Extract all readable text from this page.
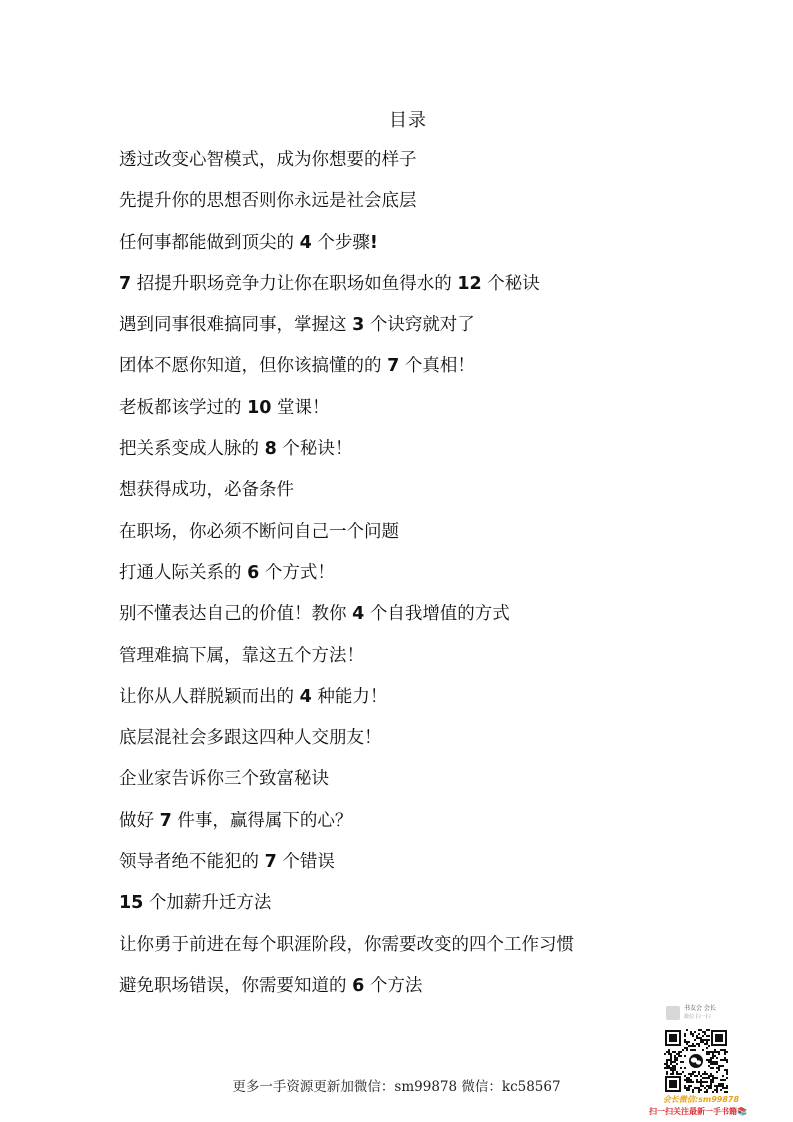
目录
透过改变心智模式，成为你想要的样子
先提升你的思想否则你永远是社会底层
任何事都能做到顶尖的 4 个步骤!
7 招提升职场竞争力让你在职场如鱼得水的 12 个秘诀
遇到同事很难搞同事，掌握这 3 个诀窍就对了
团体不愿你知道，但你该搞懂的的 7 个真相！
老板都该学过的 10 堂课！
把关系变成人脉的 8 个秘诀！
想获得成功，必备条件
在职场，你必须不断问自己一个问题
打通人际关系的 6 个方式！
别不懂表达自己的价值！教你 4 个自我增值的方式
管理难搞下属，靠这五个方法！
让你从人群脱颖而出的 4 种能力！
底层混社会多跟这四种人交朋友！
企业家告诉你三个致富秘诀
做好 7 件事，赢得属下的心？
领导者绝不能犯的 7 个错误
15 个加薪升迁方法
让你勇于前进在每个职涯阶段，你需要改变的四个工作习惯
避免职场错误，你需要知道的 6 个方法
更多一手资源更新加微信：sm99878 微信：kc58567
书友会 会长
微信 扫一扫
会长微信:sm99878
扫一扫关注最新一手书籍📚
